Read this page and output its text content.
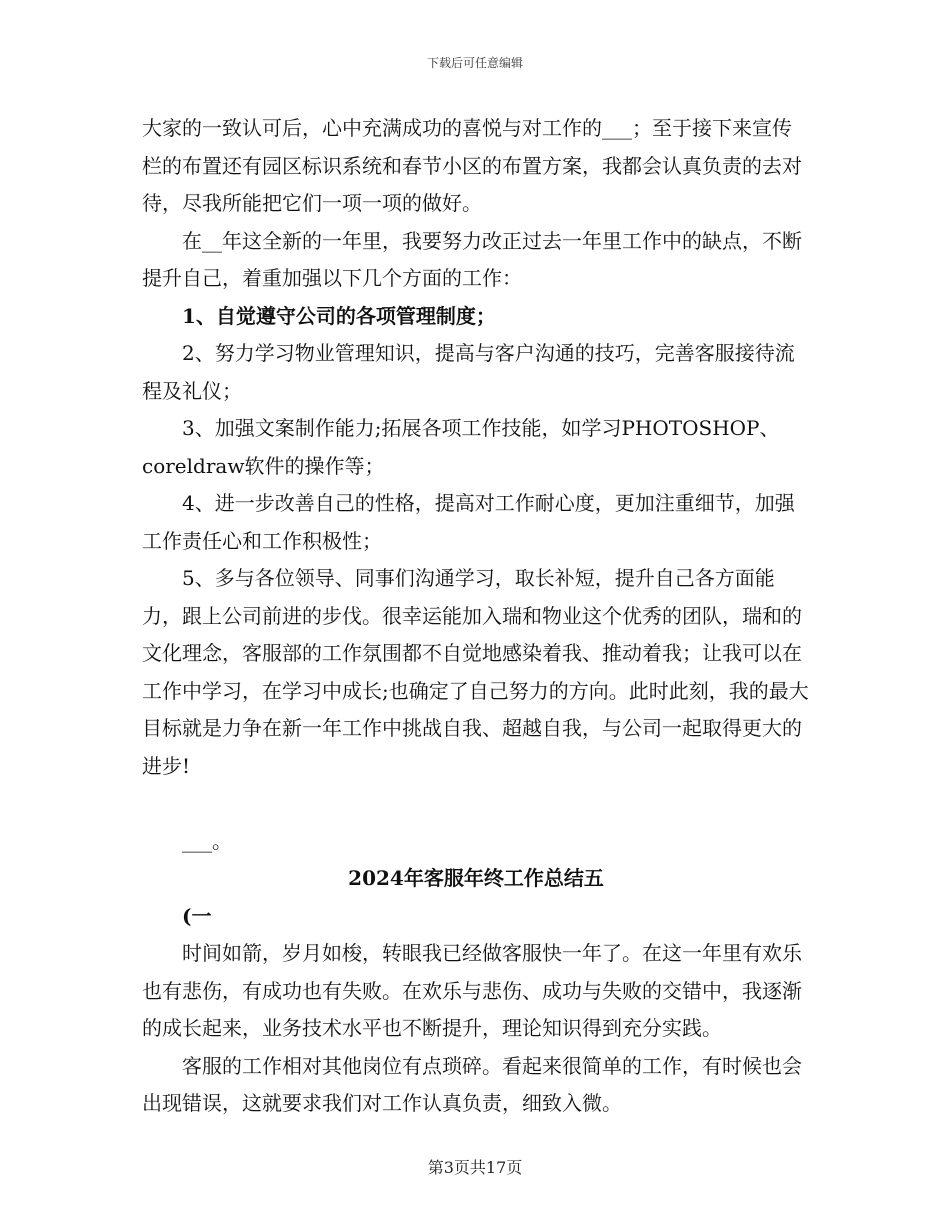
下载后可任意编辑

大家的一致认可后，心中充满成功的喜悦与对工作的___；至于接下来宣传栏的布置还有园区标识系统和春节小区的布置方案，我都会认真负责的去对待，尽我所能把它们一项一项的做好。

在__年这全新的一年里，我要努力改正过去一年里工作中的缺点，不断提升自己，着重加强以下几个方面的工作：

1、自觉遵守公司的各项管理制度；

2、努力学习物业管理知识，提高与客户沟通的技巧，完善客服接待流程及礼仪；

3、加强文案制作能力;拓展各项工作技能，如学习PHOTOSHOP、coreldraw软件的操作等；

4、进一步改善自己的性格，提高对工作耐心度，更加注重细节，加强工作责任心和工作积极性；

5、多与各位领导、同事们沟通学习，取长补短，提升自己各方面能力，跟上公司前进的步伐。很幸运能加入瑞和物业这个优秀的团队，瑞和的文化理念，客服部的工作氛围都不自觉地感染着我、推动着我；让我可以在工作中学习，在学习中成长;也确定了自己努力的方向。此时此刻，我的最大目标就是力争在新一年工作中挑战自我、超越自我，与公司一起取得更大的进步!

___。

2024年客服年终工作总结五

(一

时间如箭，岁月如梭，转眼我已经做客服快一年了。在这一年里有欢乐也有悲伤，有成功也有失败。在欢乐与悲伤、成功与失败的交错中，我逐渐的成长起来，业务技术水平也不断提升，理论知识得到充分实践。

客服的工作相对其他岗位有点琐碎。看起来很简单的工作，有时候也会出现错误，这就要求我们对工作认真负责，细致入微。

第3页共17页
